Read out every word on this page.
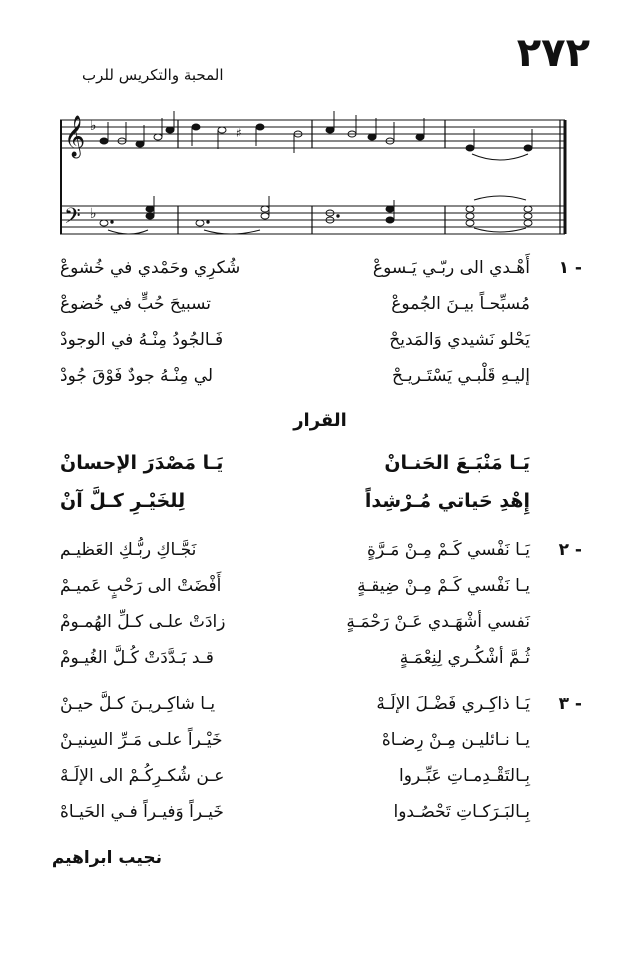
٢٧٢
المحبة والتكريس للرب
𝄞
𝄢
♭
♭
♯
١ -
أَهْـدي الى ربّـي يَـسوعْ
شُكرِي وحَمْدي في خُشوعْ
مُسبِّحـاً بيـنَ الجُموعْ
تسبيحَ حُبٍّ في خُضوعْ
يَحْلو نَشيدي وَالمَديحْ
فَـالجُودُ مِنْـهُ في الوجودْ
إليـهِ قَلْبـي يَسْتَـريـحْ
لي مِنْـهُ جودٌ فَوْقَ جُودْ
القرار
يَـا مَنْبَـعَ الحَنـانْ
يَـا مَصْدَرَ الإحسانْ
إِهْدِ حَياتي مُـرْشِداً
لِلخَيْـرِ كـلَّ آنْ
٢ -
يَـا نَفْسي كَـمْ مِـنْ مَـرَّةٍ
نَجَّـاكِ ربُّـكِ العَظيـم
يـا نَفْسي كَـمْ مِـنْ ضِيقـةٍ
أَفْضَتْ الى رَحْبٍ عَميـمْ
نَفسي أشْهَـدي عَـنْ رَحْمَـةٍ
زادَتْ علـى كـلِّ الهُمـومْ
ثُـمَّ أشْكُـري لِنِعْمَـةٍ
قـد بَـدَّدَتْ كُـلَّ الغُيـومْ
٣ -
يَـا ذاكِـري فَضْـلَ الإلَـهْ
يـا شاكِـريـنَ كـلَّ حيـنْ
يـا نـائليـن مِـنْ رِضـاهْ
خَيْـراً علـى مَـرِّ السِنيـنْ
بِـالتَقْـدِمـاتِ عَبِّـروا
عـن شُكـرِكُـمْ الى الإلَـهْ
بِـالبَـرَكـاتِ تَحْصُـدوا
خَيـراً وَفيـراً فـي الحَيـاهْ
نجيب ابراهيم
